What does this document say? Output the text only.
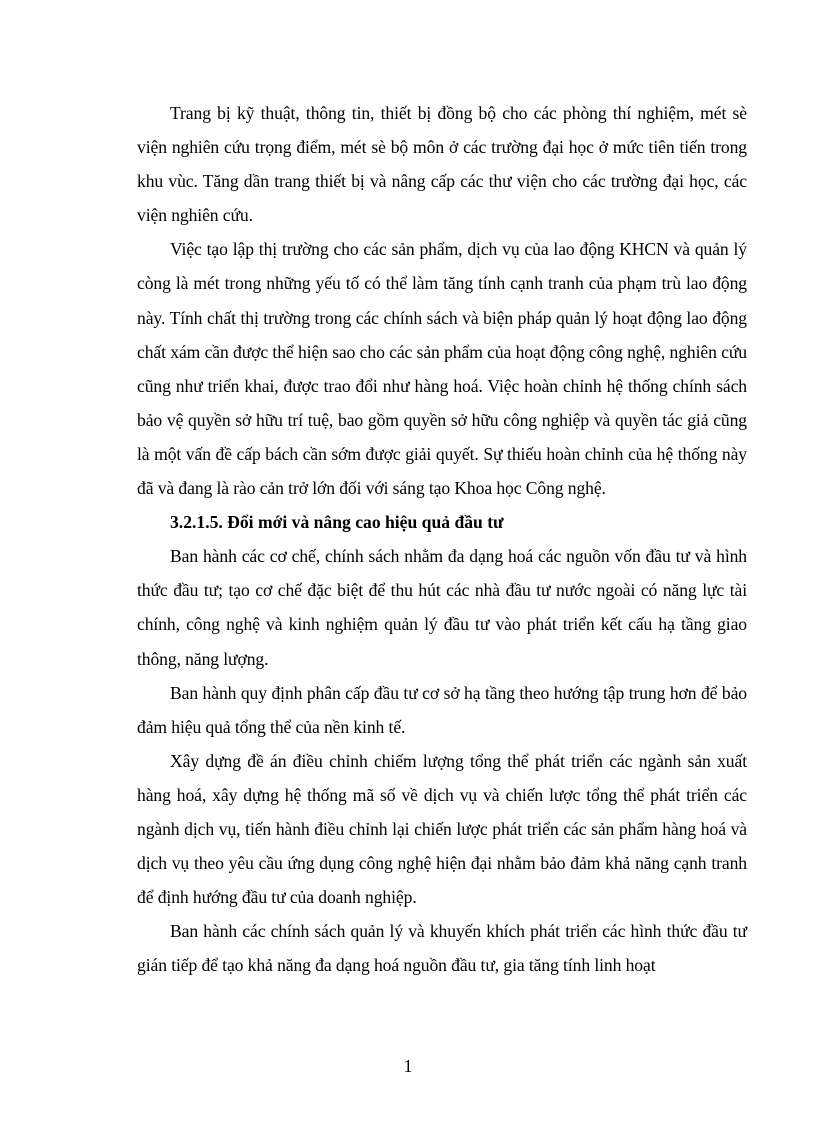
Trang bị kỹ thuật, thông tin, thiết bị đồng bộ cho các phòng thí nghiệm, mét sè viện nghiên cứu trọng điểm, mét sè bộ môn ở các trường đại học ở mức tiên tiến trong khu vùc. Tăng dần trang thiết bị và nâng cấp các thư viện cho các trường đại học, các viện nghiên cứu.

Việc tạo lập thị trường cho các sản phẩm, dịch vụ của lao động KHCN và quản lý còng là mét trong những yếu tố có thể làm tăng tính cạnh tranh của phạm trù lao động này. Tính chất thị trường trong các chính sách và biện pháp quản lý hoạt động lao động chất xám cần được thể hiện sao cho các sản phẩm của hoạt động công nghệ, nghiên cứu cũng như triển khai, được trao đổi như hàng hoá. Việc hoàn chỉnh hệ thống chính sách bảo vệ quyền sở hữu trí tuệ, bao gồm quyền sở hữu công nghiệp và quyền tác giả cũng là một vấn đề cấp bách cần sớm được giải quyết. Sự thiếu hoàn chỉnh của hệ thống này đã và đang là rào cản trở lớn đối với sáng tạo Khoa học Công nghệ.

3.2.1.5. Đổi mới và nâng cao hiệu quả đầu tư

Ban hành các cơ chế, chính sách nhằm đa dạng hoá các nguồn vốn đầu tư và hình thức đầu tư; tạo cơ chế đặc biệt để thu hút các nhà đầu tư nước ngoài có năng lực tài chính, công nghệ và kinh nghiệm quản lý đầu tư vào phát triển kết cấu hạ tầng giao thông, năng lượng.

Ban hành quy định phân cấp đầu tư cơ sở hạ tầng theo hướng tập trung hơn để bảo đảm hiệu quả tổng thể của nền kinh tế.

Xây dựng đề án điều chỉnh chiếm lượng tổng thể phát triển các ngành sản xuất hàng hoá, xây dựng hệ thống mã số về dịch vụ và chiến lược tổng thể phát triển các ngành dịch vụ, tiến hành điều chỉnh lại chiến lược phát triển các sản phẩm hàng hoá và dịch vụ theo yêu cầu ứng dụng công nghệ hiện đại nhằm bảo đảm khả năng cạnh tranh để định hướng đầu tư của doanh nghiệp.

Ban hành các chính sách quản lý và khuyến khích phát triển các hình thức đầu tư gián tiếp để tạo khả năng đa dạng hoá nguồn đầu tư, gia tăng tính linh hoạt

1
